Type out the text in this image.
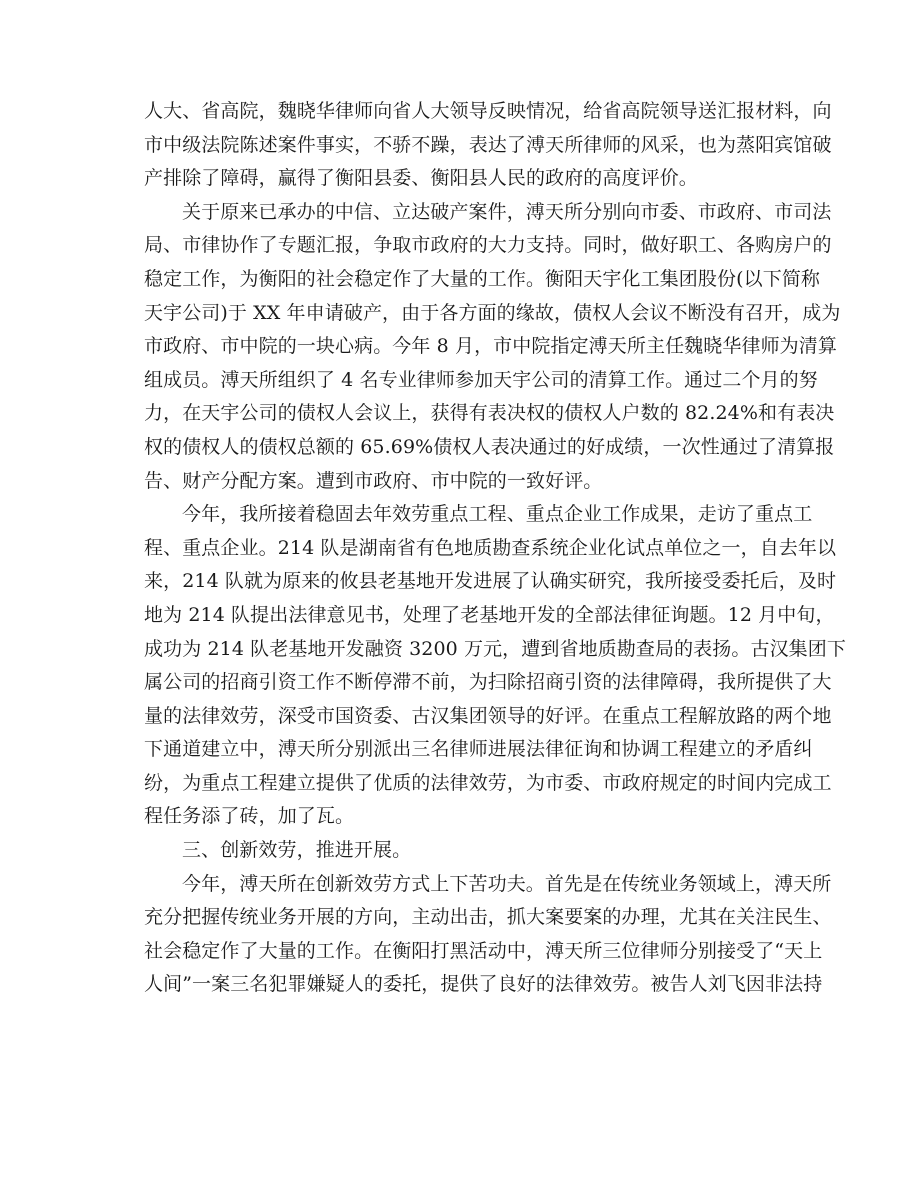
人大、省高院，魏晓华律师向省人大领导反映情况，给省高院领导送汇报材料，向
市中级法院陈述案件事实，不骄不躁，表达了溥天所律师的风采，也为蒸阳宾馆破
产排除了障碍，赢得了衡阳县委、衡阳县人民的政府的高度评价。
关于原来已承办的中信、立达破产案件，溥天所分别向市委、市政府、市司法
局、市律协作了专题汇报，争取市政府的大力支持。同时，做好职工、各购房户的
稳定工作，为衡阳的社会稳定作了大量的工作。衡阳天宇化工集团股份(以下简称
天宇公司)于 XX 年申请破产，由于各方面的缘故，债权人会议不断没有召开，成为
市政府、市中院的一块心病。今年 8 月，市中院指定溥天所主任魏晓华律师为清算
组成员。溥天所组织了 4 名专业律师参加天宇公司的清算工作。通过二个月的努
力，在天宇公司的债权人会议上，获得有表决权的债权人户数的 82.24%和有表决
权的债权人的债权总额的 65.69%债权人表决通过的好成绩，一次性通过了清算报
告、财产分配方案。遭到市政府、市中院的一致好评。
今年，我所接着稳固去年效劳重点工程、重点企业工作成果，走访了重点工
程、重点企业。214 队是湖南省有色地质勘查系统企业化试点单位之一，自去年以
来，214 队就为原来的攸县老基地开发进展了认确实研究，我所接受委托后，及时
地为 214 队提出法律意见书，处理了老基地开发的全部法律征询题。12 月中旬，
成功为 214 队老基地开发融资 3200 万元，遭到省地质勘查局的表扬。古汉集团下
属公司的招商引资工作不断停滞不前，为扫除招商引资的法律障碍，我所提供了大
量的法律效劳，深受市国资委、古汉集团领导的好评。在重点工程解放路的两个地
下通道建立中，溥天所分别派出三名律师进展法律征询和协调工程建立的矛盾纠
纷，为重点工程建立提供了优质的法律效劳，为市委、市政府规定的时间内完成工
程任务添了砖，加了瓦。
三、创新效劳，推进开展。
今年，溥天所在创新效劳方式上下苦功夫。首先是在传统业务领域上，溥天所
充分把握传统业务开展的方向，主动出击，抓大案要案的办理，尤其在关注民生、
社会稳定作了大量的工作。在衡阳打黑活动中，溥天所三位律师分别接受了“天上
人间”一案三名犯罪嫌疑人的委托，提供了良好的法律效劳。被告人刘飞因非法持
